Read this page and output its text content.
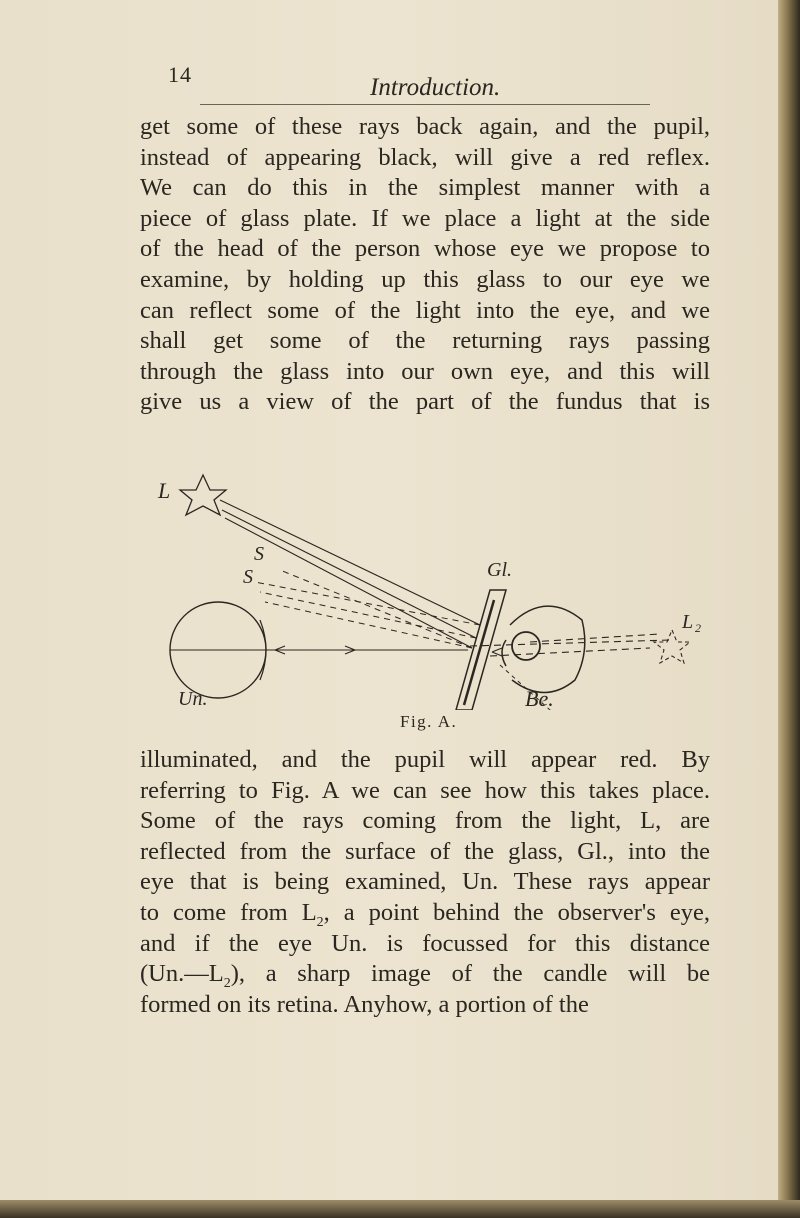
14	Introduction.

get some of these rays back again, and the pupil,
instead of appearing black, will give a red reflex.
We can do this in the simplest manner with a
piece of glass plate. If we place a light at the side
of the head of the person whose eye we propose to
examine, by holding up this glass to our eye we
can reflect some of the light into the eye, and we
shall get some of the returning rays passing
through the glass into our own eye, and this will
give us a view of the part of the fundus that is

L
S
S	Gl.
L 2
Un.	Be.
Fig. A.

illuminated, and the pupil will appear red. By
referring to Fig. A we can see how this takes place.
Some of the rays coming from the light, L, are
reflected from the surface of the glass, Gl., into the
eye that is being examined, Un. These rays appear
to come from $L_2$, a point behind the observer's eye,
and if the eye Un. is focussed for this distance
$(Un.—L_2)$, a sharp image of the candle will be
formed on its retina. Anyhow, a portion of the
